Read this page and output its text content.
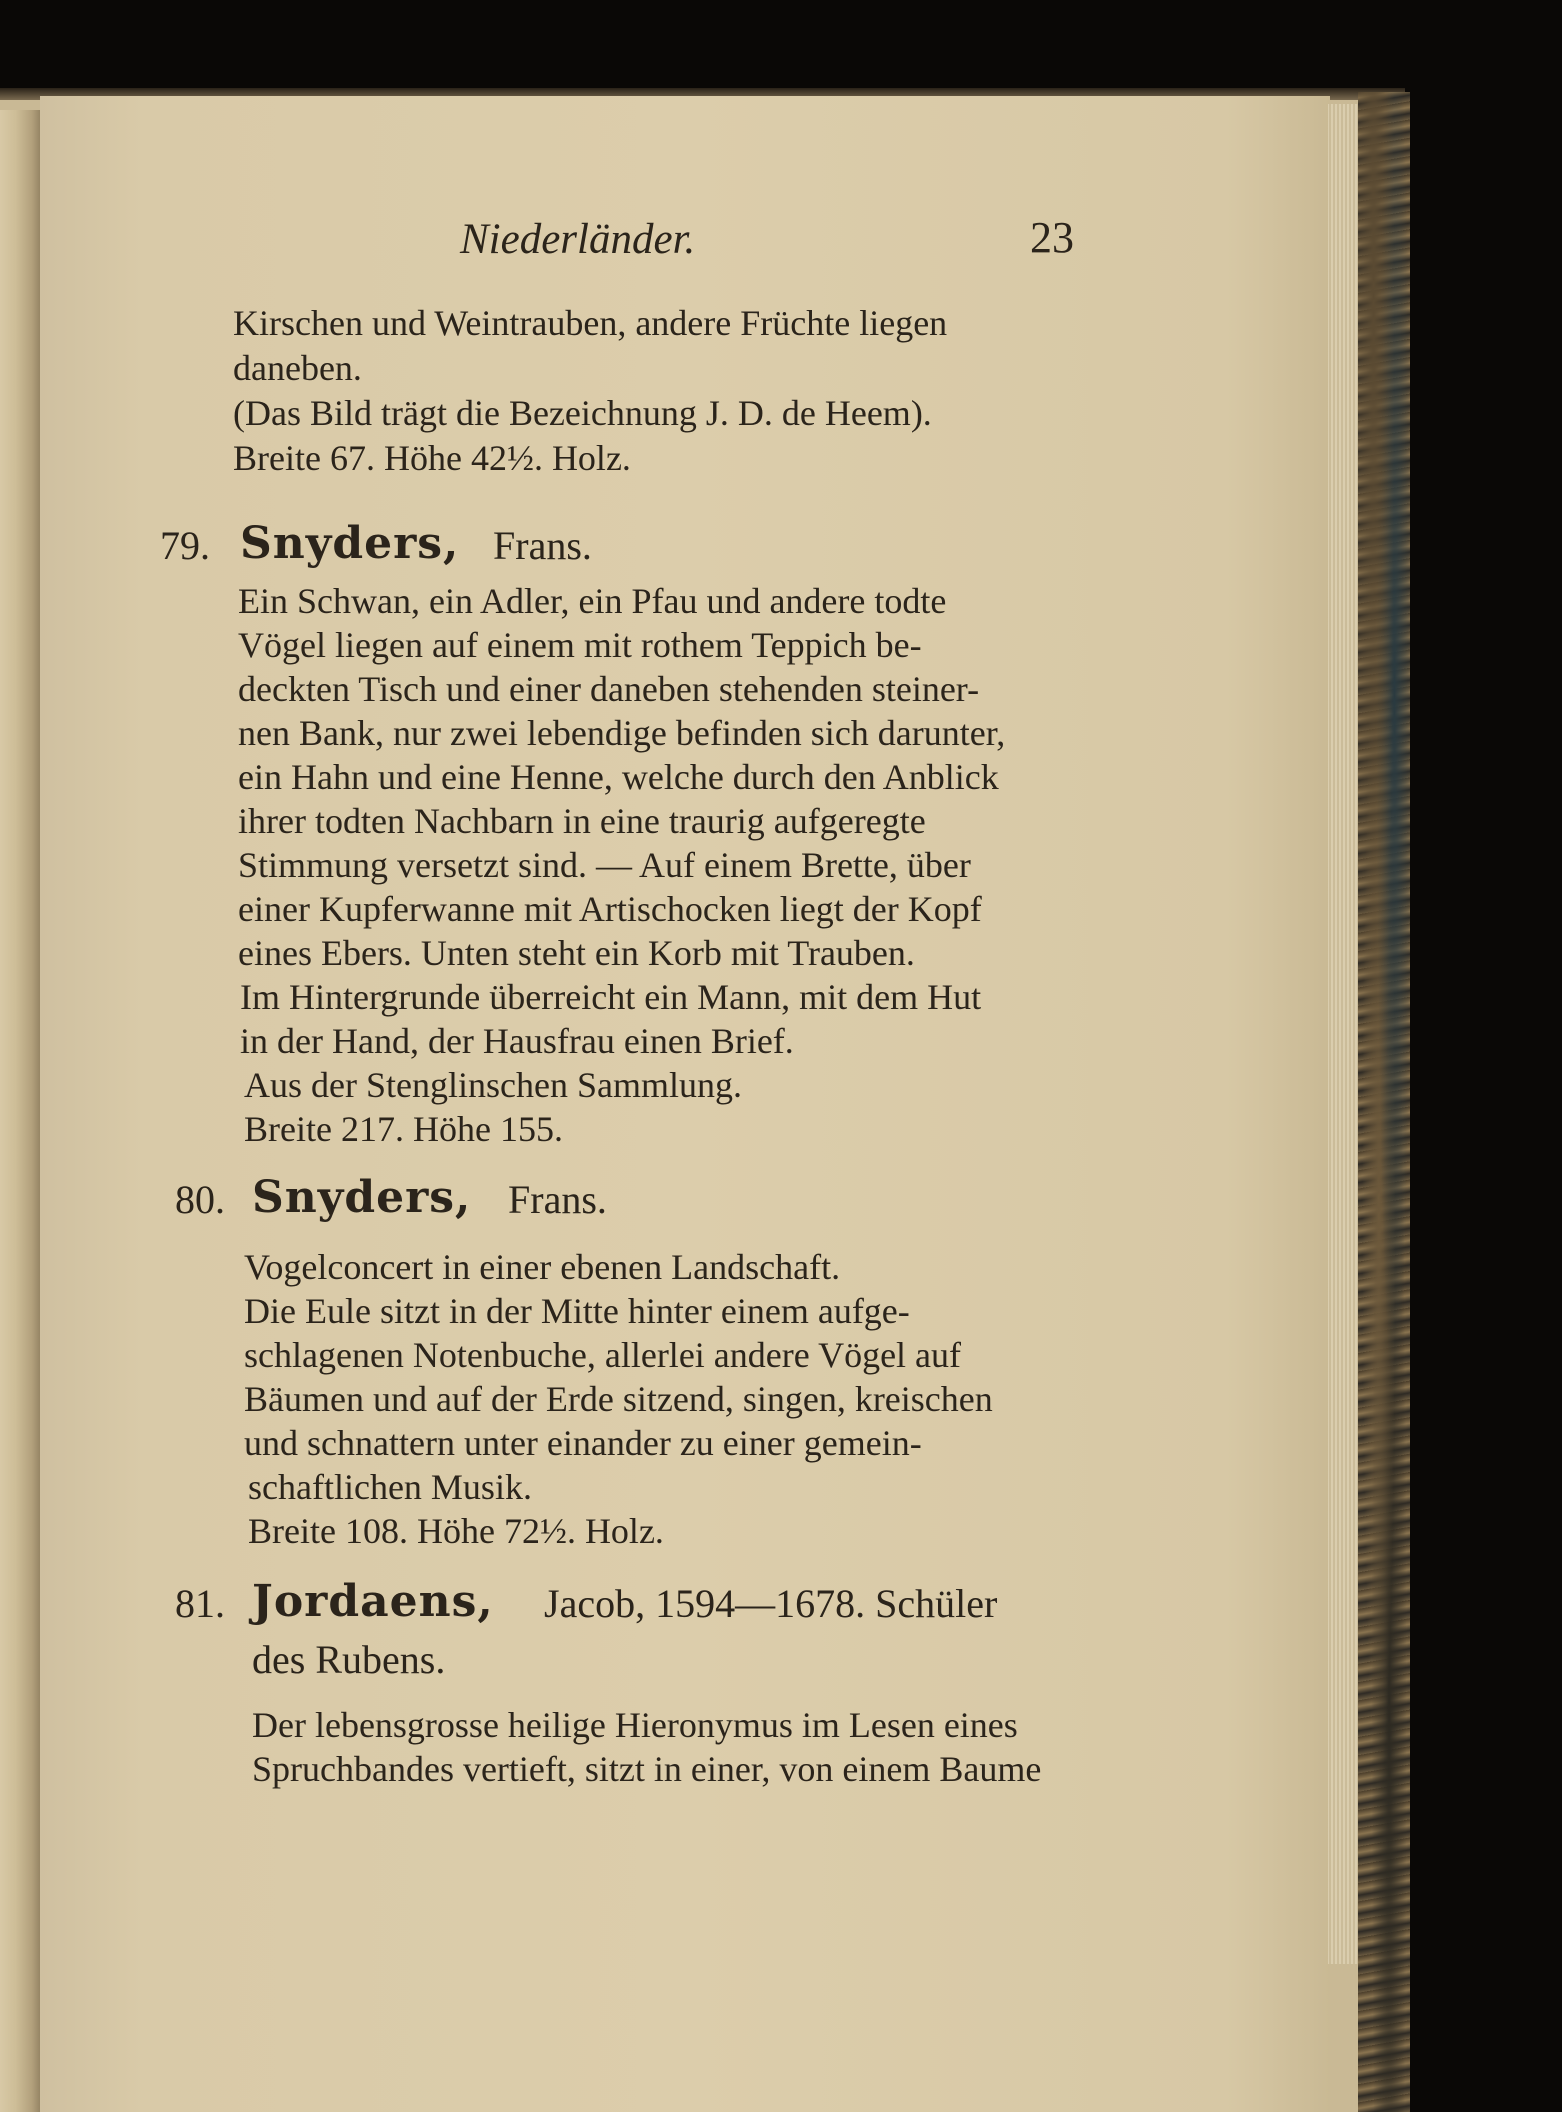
Niederländer.	23
Kirschen und Weintrauben, andere Früchte liegen
daneben.
(Das Bild trägt die Bezeichnung J. D. de Heem).
Breite 67. Höhe 42½. Holz.
79. Snyders, Frans.
Ein Schwan, ein Adler, ein Pfau und andere todte
Vögel liegen auf einem mit rothem Teppich be-
deckten Tisch und einer daneben stehenden steiner-
nen Bank, nur zwei lebendige befinden sich darunter,
ein Hahn und eine Henne, welche durch den Anblick
ihrer todten Nachbarn in eine traurig aufgeregte
Stimmung versetzt sind. — Auf einem Brette, über
einer Kupferwanne mit Artischocken liegt der Kopf
eines Ebers. Unten steht ein Korb mit Trauben.
Im Hintergrunde überreicht ein Mann, mit dem Hut
in der Hand, der Hausfrau einen Brief.
Aus der Stenglinschen Sammlung.
Breite 217. Höhe 155.
80. Snyders, Frans.
Vogelconcert in einer ebenen Landschaft.
Die Eule sitzt in der Mitte hinter einem aufge-
schlagenen Notenbuche, allerlei andere Vögel auf
Bäumen und auf der Erde sitzend, singen, kreischen
und schnattern unter einander zu einer gemein-
schaftlichen Musik.
Breite 108. Höhe 72½. Holz.
81. Jordaens, Jacob, 1594—1678. Schüler
des Rubens.
Der lebensgrosse heilige Hieronymus im Lesen eines
Spruchbandes vertieft, sitzt in einer, von einem Baume
